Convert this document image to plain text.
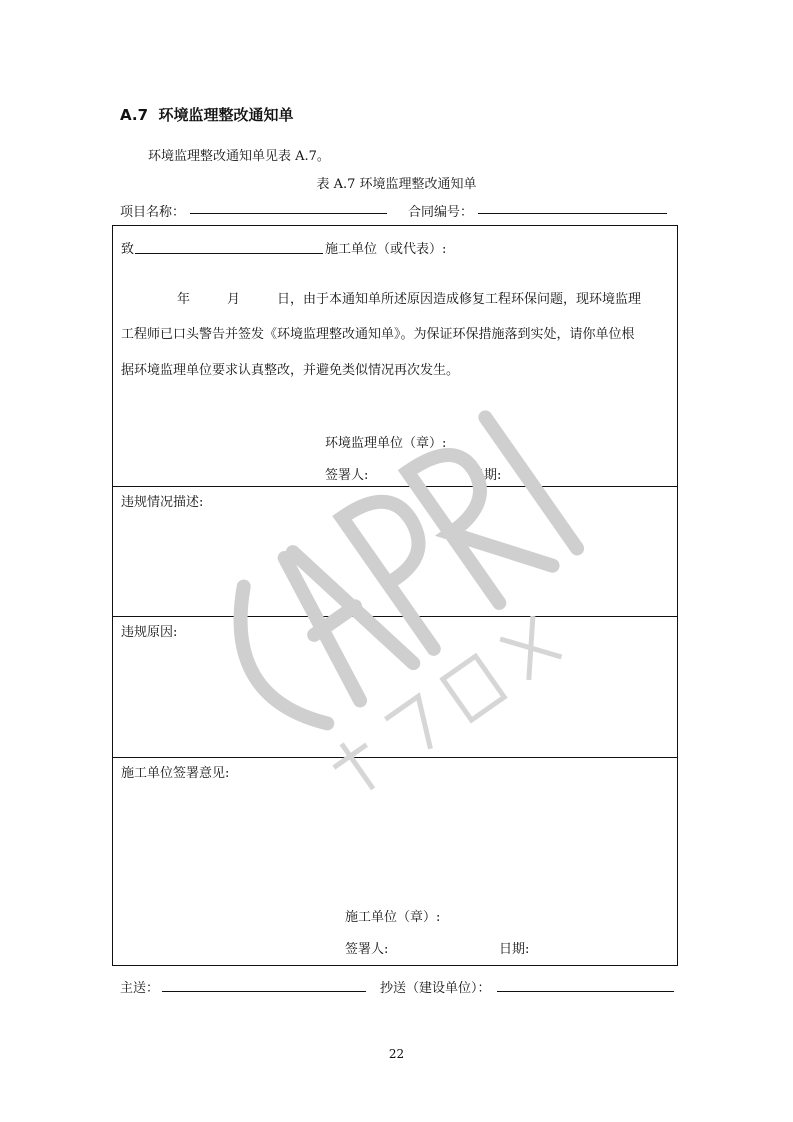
A.7 环境监理整改通知单
环境监理整改通知单见表 A.7。
表 A.7 环境监理整改通知单
项目名称：	合同编号：
致	施工单位（或代表）:
年	月	日，由于本通知单所述原因造成修复工程环保问题，现环境监理
工程师已口头警告并签发《环境监理整改通知单》。为保证环保措施落到实处，请你单位根
据环境监理单位要求认真整改，并避免类似情况再次发生。
环境监理单位（章）:
签署人:	日期:

违规情况描述:

违规原因:

施工单位签署意见:
施工单位（章）:
签署人:	日期:
主送：	抄送（建设单位）：
22
